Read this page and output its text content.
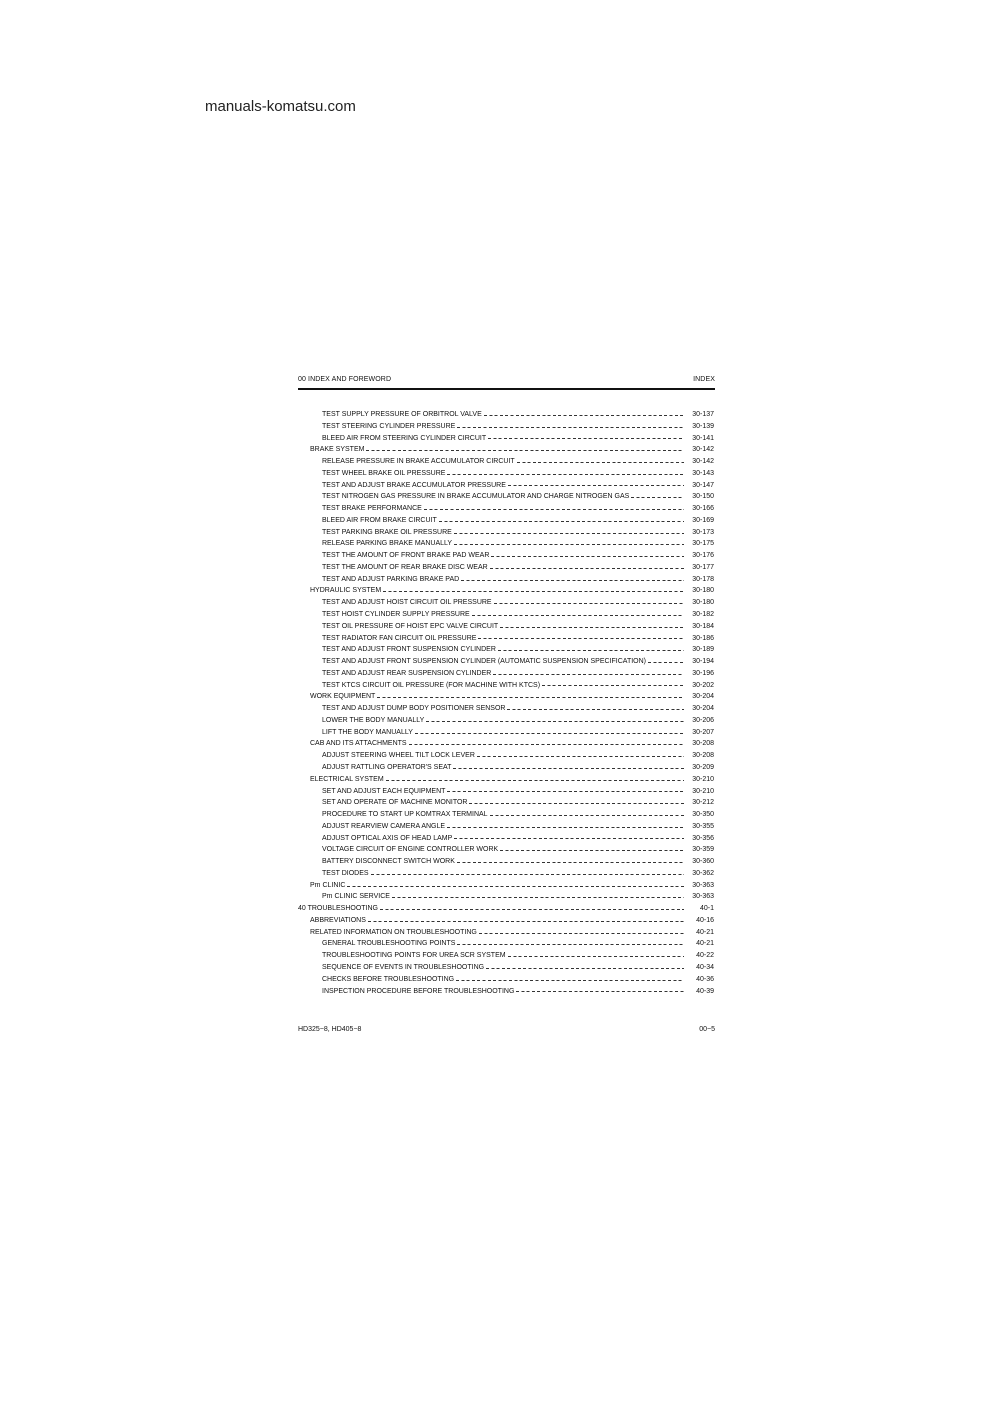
manuals-komatsu.com
00 INDEX AND FOREWORD	INDEX
TEST SUPPLY PRESSURE OF ORBITROL VALVE	30-137
TEST STEERING CYLINDER PRESSURE	30-139
BLEED AIR FROM STEERING CYLINDER CIRCUIT	30-141
BRAKE SYSTEM	30-142
RELEASE PRESSURE IN BRAKE ACCUMULATOR CIRCUIT	30-142
TEST WHEEL BRAKE OIL PRESSURE	30-143
TEST AND ADJUST BRAKE ACCUMULATOR PRESSURE	30-147
TEST NITROGEN GAS PRESSURE IN BRAKE ACCUMULATOR AND CHARGE NITROGEN GAS	30-150
TEST BRAKE PERFORMANCE	30-166
BLEED AIR FROM BRAKE CIRCUIT	30-169
TEST PARKING BRAKE OIL PRESSURE	30-173
RELEASE PARKING BRAKE MANUALLY	30-175
TEST THE AMOUNT OF FRONT BRAKE PAD WEAR	30-176
TEST THE AMOUNT OF REAR BRAKE DISC WEAR	30-177
TEST AND ADJUST PARKING BRAKE PAD	30-178
HYDRAULIC SYSTEM	30-180
TEST AND ADJUST HOIST CIRCUIT OIL PRESSURE	30-180
TEST HOIST CYLINDER SUPPLY PRESSURE	30-182
TEST OIL PRESSURE OF HOIST EPC VALVE CIRCUIT	30-184
TEST RADIATOR FAN CIRCUIT OIL PRESSURE	30-186
TEST AND ADJUST FRONT SUSPENSION CYLINDER	30-189
TEST AND ADJUST FRONT SUSPENSION CYLINDER (AUTOMATIC SUSPENSION SPECIFICATION)	30-194
TEST AND ADJUST REAR SUSPENSION CYLINDER	30-196
TEST KTCS CIRCUIT OIL PRESSURE (FOR MACHINE WITH KTCS)	30-202
WORK EQUIPMENT	30-204
TEST AND ADJUST DUMP BODY POSITIONER SENSOR	30-204
LOWER THE BODY MANUALLY	30-206
LIFT THE BODY MANUALLY	30-207
CAB AND ITS ATTACHMENTS	30-208
ADJUST STEERING WHEEL TILT LOCK LEVER	30-208
ADJUST RATTLING OPERATOR'S SEAT	30-209
ELECTRICAL SYSTEM	30-210
SET AND ADJUST EACH EQUIPMENT	30-210
SET AND OPERATE OF MACHINE MONITOR	30-212
PROCEDURE TO START UP KOMTRAX TERMINAL	30-350
ADJUST REARVIEW CAMERA ANGLE	30-355
ADJUST OPTICAL AXIS OF HEAD LAMP	30-356
VOLTAGE CIRCUIT OF ENGINE CONTROLLER WORK	30-359
BATTERY DISCONNECT SWITCH WORK	30-360
TEST DIODES	30-362
Pm CLINIC	30-363
Pm CLINIC SERVICE	30-363
40 TROUBLESHOOTING	40-1
ABBREVIATIONS	40-16
RELATED INFORMATION ON TROUBLESHOOTING	40-21
GENERAL TROUBLESHOOTING POINTS	40-21
TROUBLESHOOTING POINTS FOR UREA SCR SYSTEM	40-22
SEQUENCE OF EVENTS IN TROUBLESHOOTING	40-34
CHECKS BEFORE TROUBLESHOOTING	40-36
INSPECTION PROCEDURE BEFORE TROUBLESHOOTING	40-39
HD325−8, HD405−8	00−5
